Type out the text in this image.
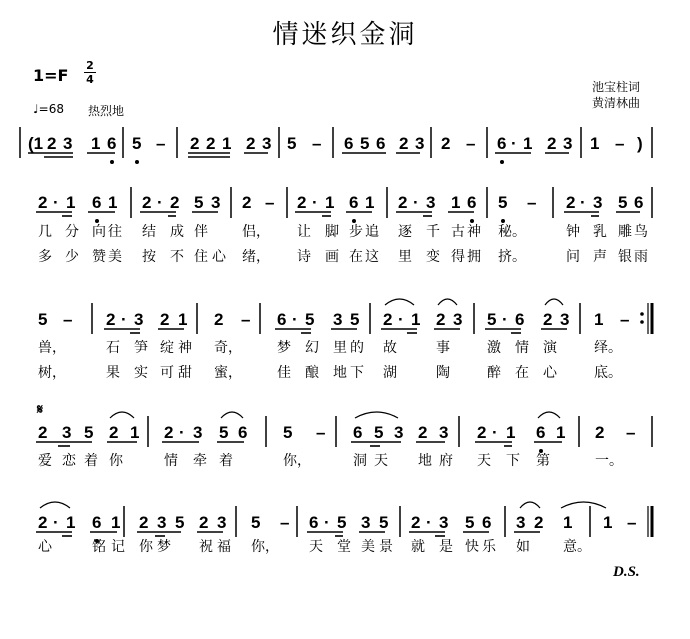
情迷织金洞
1=F
2
4
♩=68 热烈地
池宝柱词
黄清林曲
𝄋
D.S.
(1 2 3 1 6 5 – 2 2 1 2 3 5 – 6 5 6 2 3 2 – 6 · 1 2 3 1 – )
2 · 1 6 1 2 · 2 5 3 2 – 2 · 1 6 1 2 · 3 1 6 5 – 2 · 3 5 6
几 分 向 往 结 成 伴 侣， 让 脚 步 追 逐 千 古 神 秘。	钟 乳 雕 鸟
多 少 赞 美 按 不 住 心 绪， 诗 画 在 这 里 变 得 拥 挤。	问 声 银 雨
5 – 2 · 3 2 1 2 – 6 · 5 3 5 2 · 1 2 3 5 · 6 2 3 1 –
兽，	石 笋 绽 神 奇，	梦 幻 里 的 故	事	激 情 演	绎。
树，	果 实 可 甜 蜜，	佳 酿 地 下 湖	陶	醉 在 心	底。
2 3 5 2 1 2 · 3 5 6 5 – 6 5 3 2 3 2 · 1 6 1 2 –
爱 恋 着 你	情 牵 着	你，	洞 天 地 府 天 下 第	一。
2 · 1 6 1 2 3 5 2 3 5 – 6 · 5 3 5 2 · 3 5 6 3 2 1 1 –
心	铭 记 你 梦 祝 福 你， 天 堂 美 景 就 是 快 乐 如 意。
